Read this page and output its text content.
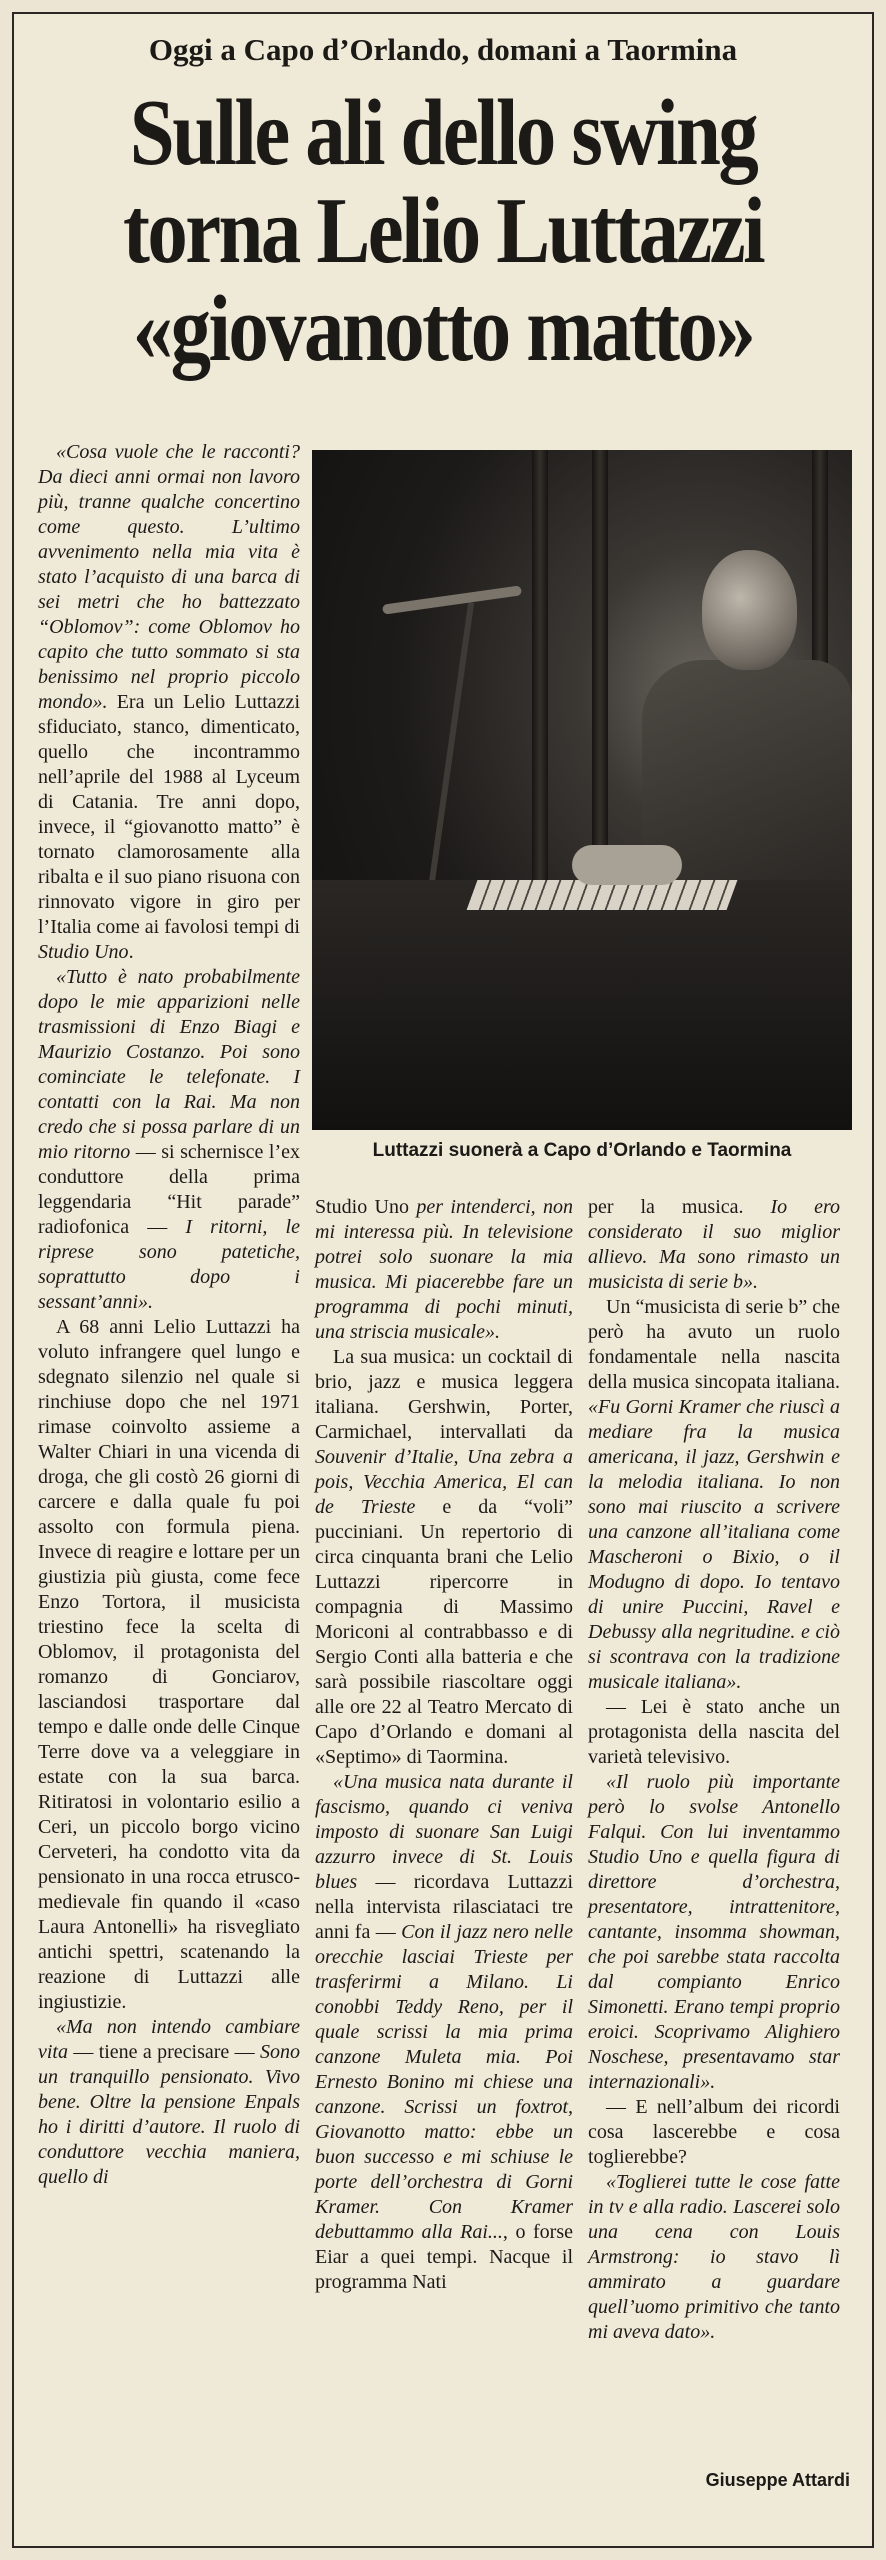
Oggi a Capo d’Orlando, domani a Taormina
Sulle ali dello swing
torna Lelio Luttazzi
«giovanotto matto»
Luttazzi suonerà a Capo d’Orlando e Taormina

«Cosa vuole che le racconti? Da dieci anni ormai non lavoro più, tranne qualche concertino come questo. L’ultimo avvenimento nella mia vita è stato l’acquisto di una barca di sei metri che ho battezzato “Oblomov”: come Oblomov ho capito che tutto sommato si sta benissimo nel proprio piccolo mondo». Era un Lelio Luttazzi sfiduciato, stanco, dimenticato, quello che incontrammo nell’aprile del 1988 al Lyceum di Catania. Tre anni dopo, invece, il “giovanotto matto” è tornato clamorosamente alla ribalta e il suo piano risuona con rinnovato vigore in giro per l’Italia come ai favolosi tempi di Studio Uno.

«Tutto è nato probabilmente dopo le mie apparizioni nelle trasmissioni di Enzo Biagi e Maurizio Costanzo. Poi sono cominciate le telefonate. I contatti con la Rai. Ma non credo che si possa parlare di un mio ritorno — si schernisce l’ex conduttore della prima leggendaria “Hit parade” radiofonica — I ritorni, le riprese sono patetiche, soprattutto dopo i sessant’anni».

A 68 anni Lelio Luttazzi ha voluto infrangere quel lungo e sdegnato silenzio nel quale si rinchiuse dopo che nel 1971 rimase coinvolto assieme a Walter Chiari in una vicenda di droga, che gli costò 26 giorni di carcere e dalla quale fu poi assolto con formula piena. Invece di reagire e lottare per un giustizia più giusta, come fece Enzo Tortora, il musicista triestino fece la scelta di Oblomov, il protagonista del romanzo di Gonciarov, lasciandosi trasportare dal tempo e dalle onde delle Cinque Terre dove va a veleggiare in estate con la sua barca. Ritiratosi in volontario esilio a Ceri, un piccolo borgo vicino Cerveteri, ha condotto vita da pensionato in una rocca etrusco-medievale fin quando il «caso Laura Antonelli» ha risvegliato antichi spettri, scatenando la reazione di Luttazzi alle ingiustizie.

«Ma non intendo cambiare vita — tiene a precisare — Sono un tranquillo pensionato. Vivo bene. Oltre la pensione Enpals ho i diritti d’autore. Il ruolo di conduttore vecchia maniera, quello di

Studio Uno per intenderci, non mi interessa più. In televisione potrei solo suonare la mia musica. Mi piacerebbe fare un programma di pochi minuti, una striscia musicale».

La sua musica: un cocktail di brio, jazz e musica leggera italiana. Gershwin, Porter, Carmichael, intervallati da Souvenir d’Italie, Una zebra a pois, Vecchia America, El can de Trieste e da “voli” pucciniani. Un repertorio di circa cinquanta brani che Lelio Luttazzi ripercorre in compagnia di Massimo Moriconi al contrabbasso e di Sergio Conti alla batteria e che sarà possibile riascoltare oggi alle ore 22 al Teatro Mercato di Capo d’Orlando e domani al «Septimo» di Taormina.

«Una musica nata durante il fascismo, quando ci veniva imposto di suonare San Luigi azzurro invece di St. Louis blues — ricordava Luttazzi nella intervista rilasciataci tre anni fa — Con il jazz nero nelle orecchie lasciai Trieste per trasferirmi a Milano. Li conobbi Teddy Reno, per il quale scrissi la mia prima canzone Muleta mia. Poi Ernesto Bonino mi chiese una canzone. Scrissi un foxtrot, Giovanotto matto: ebbe un buon successo e mi schiuse le porte dell’orchestra di Gorni Kramer. Con Kramer debuttammo alla Rai..., o forse Eiar a quei tempi. Nacque il programma Nati

per la musica. Io ero considerato il suo miglior allievo. Ma sono rimasto un musicista di serie b».

Un “musicista di serie b” che però ha avuto un ruolo fondamentale nella nascita della musica sincopata italiana. «Fu Gorni Kramer che riuscì a mediare fra la musica americana, il jazz, Gershwin e la melodia italiana. Io non sono mai riuscito a scrivere una canzone all’italiana come Mascheroni o Bixio, o il Modugno di dopo. Io tentavo di unire Puccini, Ravel e Debussy alla negritudine. e ciò si scontrava con la tradizione musicale italiana».

— Lei è stato anche un protagonista della nascita del varietà televisivo.

«Il ruolo più importante però lo svolse Antonello Falqui. Con lui inventammo Studio Uno e quella figura di direttore d’orchestra, presentatore, intrattenitore, cantante, insomma showman, che poi sarebbe stata raccolta dal compianto Enrico Simonetti. Erano tempi proprio eroici. Scoprivamo Alighiero Noschese, presentavamo star internazionali».

— E nell’album dei ricordi cosa lascerebbe e cosa toglierebbe?

«Toglierei tutte le cose fatte in tv e alla radio. Lascerei solo una cena con Louis Armstrong: io stavo lì ammirato a guardare quell’uomo primitivo che tanto mi aveva dato».

Giuseppe Attardi
